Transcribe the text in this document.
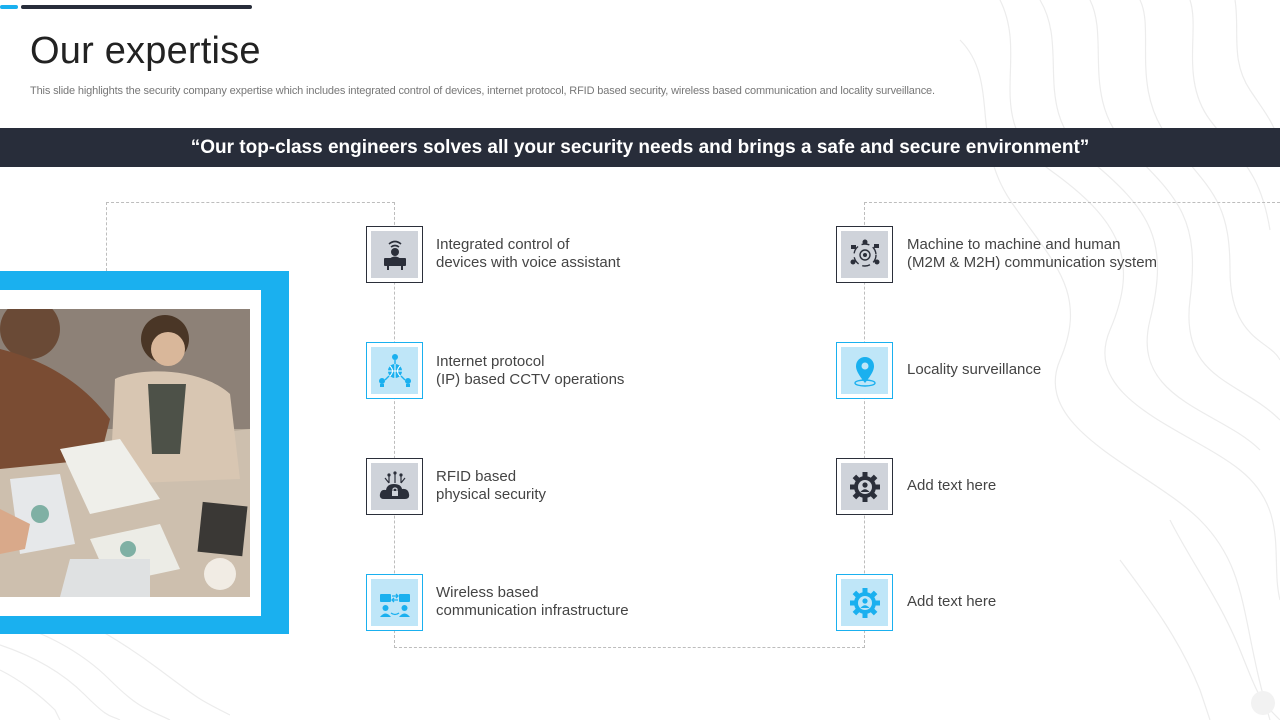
Our expertise

This slide highlights the security company expertise which includes integrated control of devices, internet protocol, RFID based security, wireless based communication and locality surveillance.

“Our top-class engineers solves all your security needs and brings a safe and secure environment”
Integrated control of
devices with voice assistant
Internet protocol
(IP) based CCTV operations
RFID based
physical security
Wireless based
communication infrastructure
Machine to machine and human
(M2M & M2H) communication system
Locality surveillance
Add text here
Add text here
